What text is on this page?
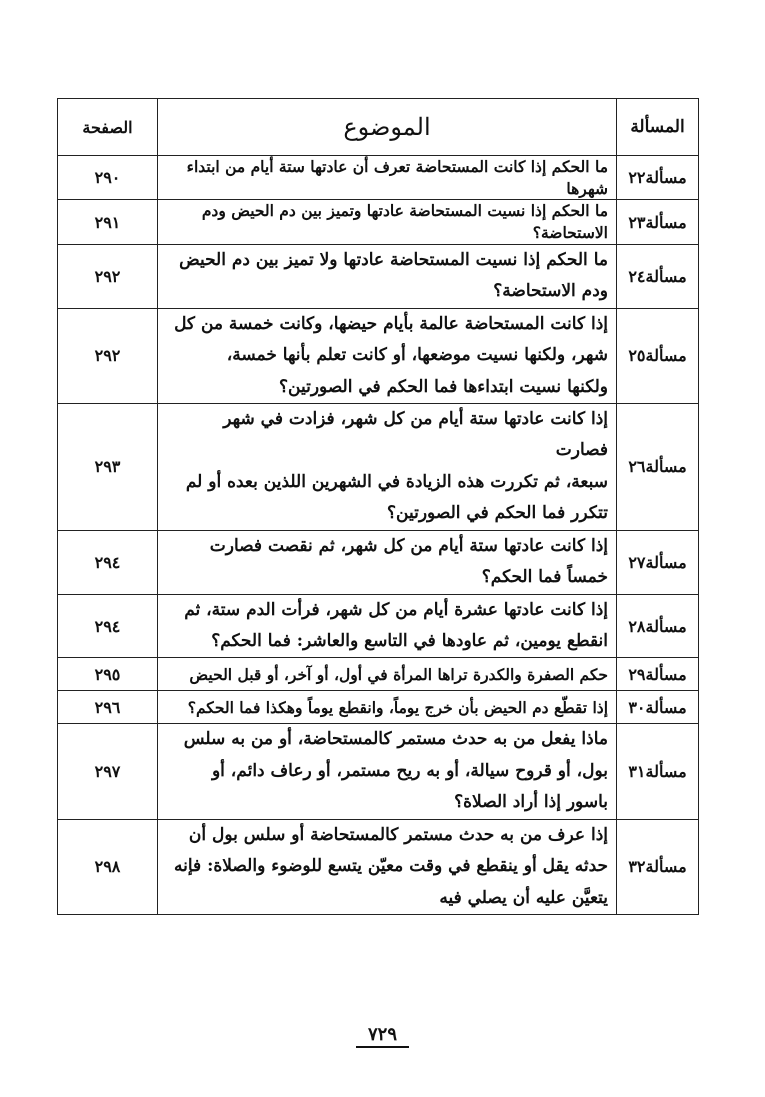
المسألة	الموضوع	الصفحة
مسألة٢٢	ما الحكم إذا كانت المستحاضة تعرف أن عادتها ستة أيام من ابتداء شهرها	٢٩٠
مسألة٢٣	ما الحكم إذا نسيت المستحاضة عادتها وتميز بين دم الحيض ودم الاستحاضة؟	٢٩١
مسألة٢٤	ما الحكم إذا نسيت المستحاضة عادتها ولا تميز بين دم الحيض
ودم الاستحاضة؟	٢٩٢
مسألة٢٥	إذا كانت المستحاضة عالمة بأيام حيضها، وكانت خمسة من كل
شهر، ولكنها نسيت موضعها، أو كانت تعلم بأنها خمسة،
ولكنها نسيت ابتداءها فما الحكم في الصورتين؟	٢٩٢
مسألة٢٦	إذا كانت عادتها ستة أيام من كل شهر، فزادت في شهر فصارت
سبعة، ثم تكررت هذه الزيادة في الشهرين اللذين بعده أو لم
تتكرر فما الحكم في الصورتين؟	٢٩٣
مسألة٢٧	إذا كانت عادتها ستة أيام من كل شهر، ثم نقصت فصارت
خمساً فما الحكم؟	٢٩٤
مسألة٢٨	إذا كانت عادتها عشرة أيام من كل شهر، فرأت الدم ستة، ثم
انقطع يومين، ثم عاودها في التاسع والعاشر: فما الحكم؟	٢٩٤
مسألة٢٩	حكم الصفرة والكدرة تراها المرأة في أول، أو آخر، أو قبل الحيض	٢٩٥
مسألة٣٠	إذا تقطّع دم الحيض بأن خرج يوماً، وانقطع يوماً وهكذا فما الحكم؟	٢٩٦
مسألة٣١	ماذا يفعل من به حدث مستمر كالمستحاضة، أو من به سلس
بول، أو قروح سيالة، أو به ريح مستمر، أو رعاف دائم، أو
باسور إذا أراد الصلاة؟	٢٩٧
مسألة٣٢	إذا عرف من به حدث مستمر كالمستحاضة أو سلس بول أن
حدثه يقل أو ينقطع في وقت معيّن يتسع للوضوء والصلاة: فإنه
يتعيَّن عليه أن يصلي فيه	٢٩٨
٧٢٩
